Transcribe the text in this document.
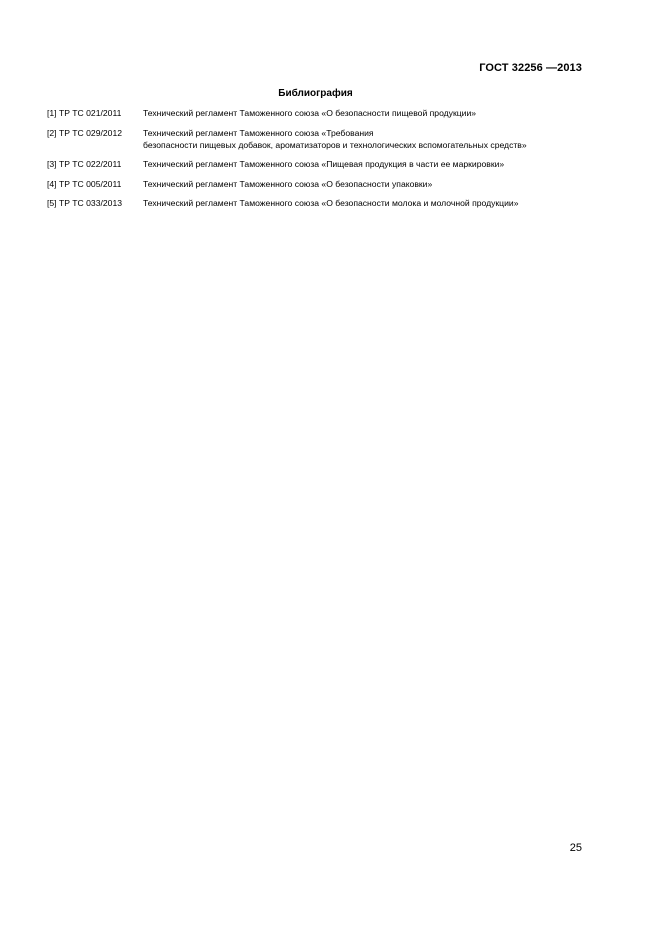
ГОСТ 32256 —2013
Библиография
[1] ТР ТС 021/2011	Технический регламент Таможенного союза «О безопасности пищевой продукции»
[2] ТР ТС 029/2012	Технический регламент Таможенного союза «Требования
безопасности пищевых добавок, ароматизаторов и технологических вспомогательных средств»
[3] ТР ТС 022/2011	Технический регламент Таможенного союза «Пищевая продукция в части ее маркировки»
[4] ТР ТС 005/2011	Технический регламент Таможенного союза «О безопасности упаковки»
[5] ТР ТС 033/2013	Технический регламент Таможенного союза «О безопасности молока и молочной продукции»
25
